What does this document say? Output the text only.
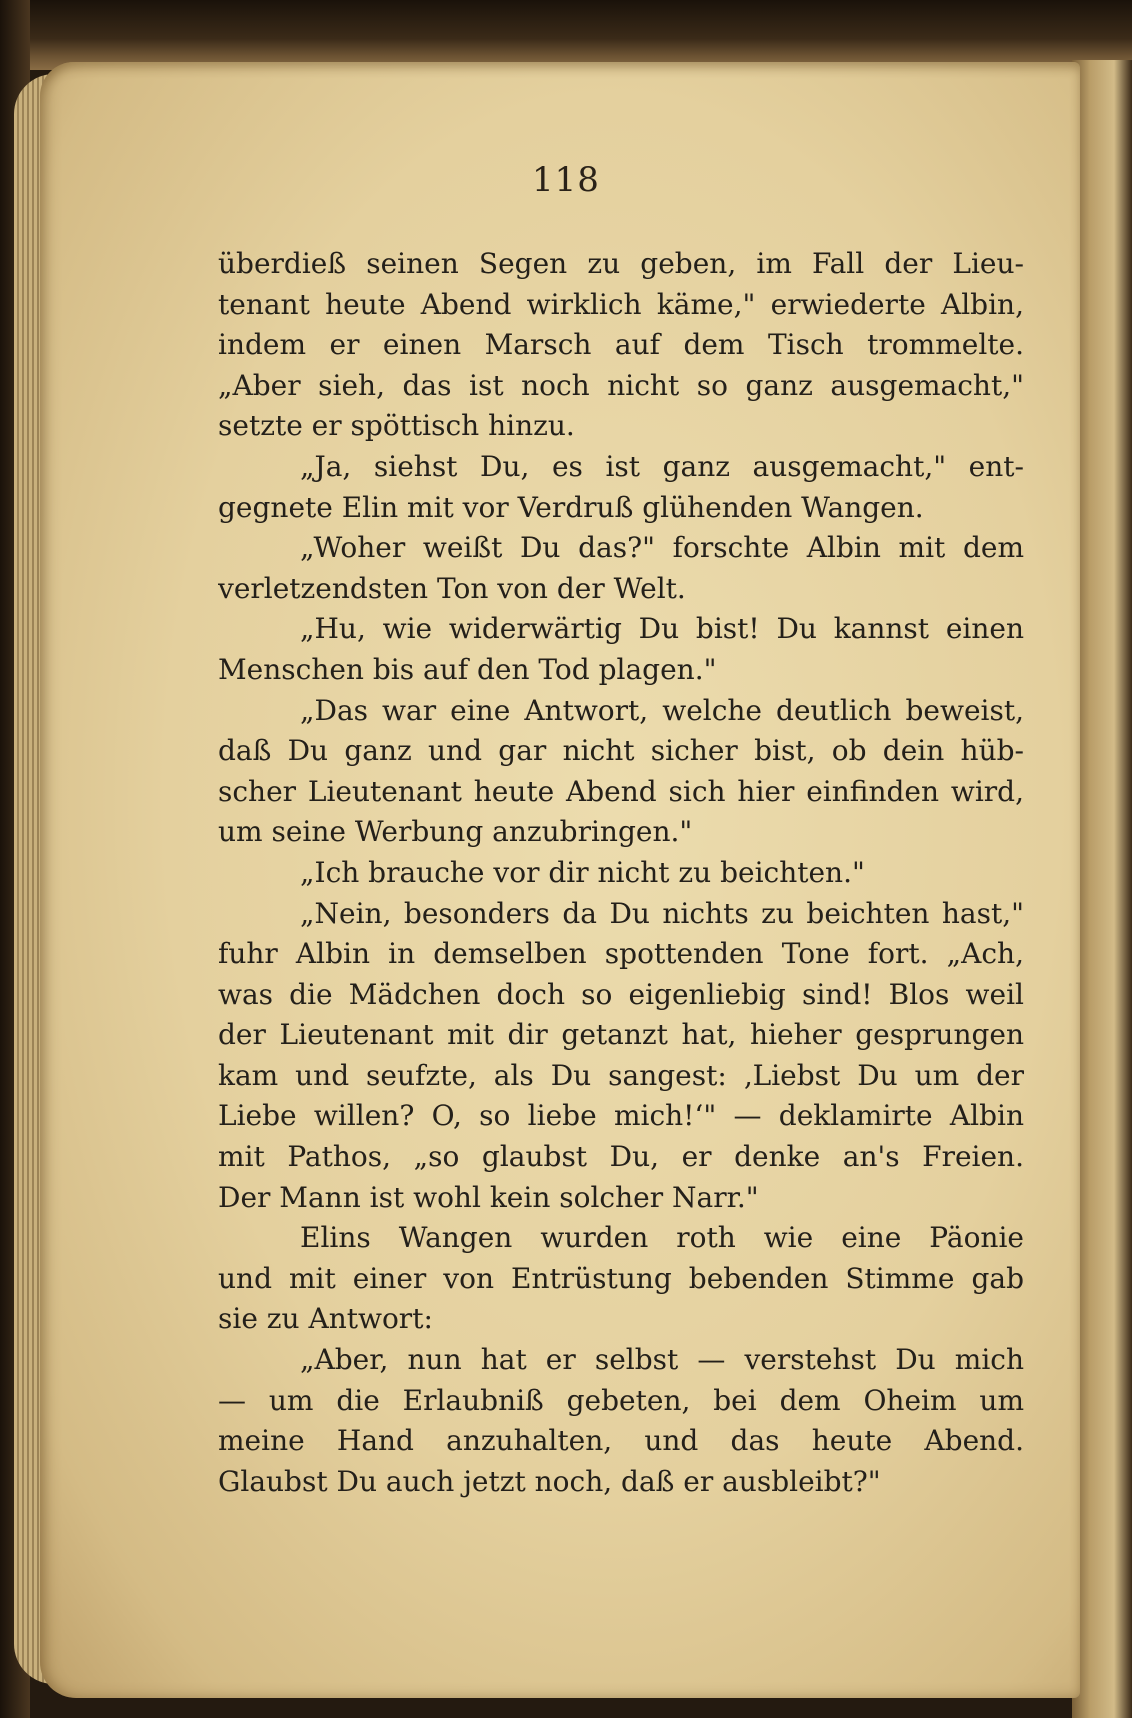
118
überdieß seinen Segen zu geben, im Fall der Lieu-
tenant heute Abend wirklich käme," erwiederte Albin,
indem er einen Marsch auf dem Tisch trommelte.
„Aber sieh, das ist noch nicht so ganz ausgemacht,"
setzte er spöttisch hinzu.
„Ja, siehst Du, es ist ganz ausgemacht," ent-
gegnete Elin mit vor Verdruß glühenden Wangen.
„Woher weißt Du das?" forschte Albin mit dem
verletzendsten Ton von der Welt.
„Hu, wie widerwärtig Du bist! Du kannst einen
Menschen bis auf den Tod plagen."
„Das war eine Antwort, welche deutlich beweist,
daß Du ganz und gar nicht sicher bist, ob dein hüb-
scher Lieutenant heute Abend sich hier einfinden wird,
um seine Werbung anzubringen."
„Ich brauche vor dir nicht zu beichten."
„Nein, besonders da Du nichts zu beichten hast,"
fuhr Albin in demselben spottenden Tone fort. „Ach,
was die Mädchen doch so eigenliebig sind! Blos weil
der Lieutenant mit dir getanzt hat, hieher gesprungen
kam und seufzte, als Du sangest: ‚Liebst Du um der
Liebe willen? O, so liebe mich!‘" — deklamirte Albin
mit Pathos, „so glaubst Du, er denke an's Freien.
Der Mann ist wohl kein solcher Narr."
Elins Wangen wurden roth wie eine Päonie
und mit einer von Entrüstung bebenden Stimme gab
sie zu Antwort:
„Aber, nun hat er selbst — verstehst Du mich
— um die Erlaubniß gebeten, bei dem Oheim um
meine Hand anzuhalten, und das heute Abend.
Glaubst Du auch jetzt noch, daß er ausbleibt?"
